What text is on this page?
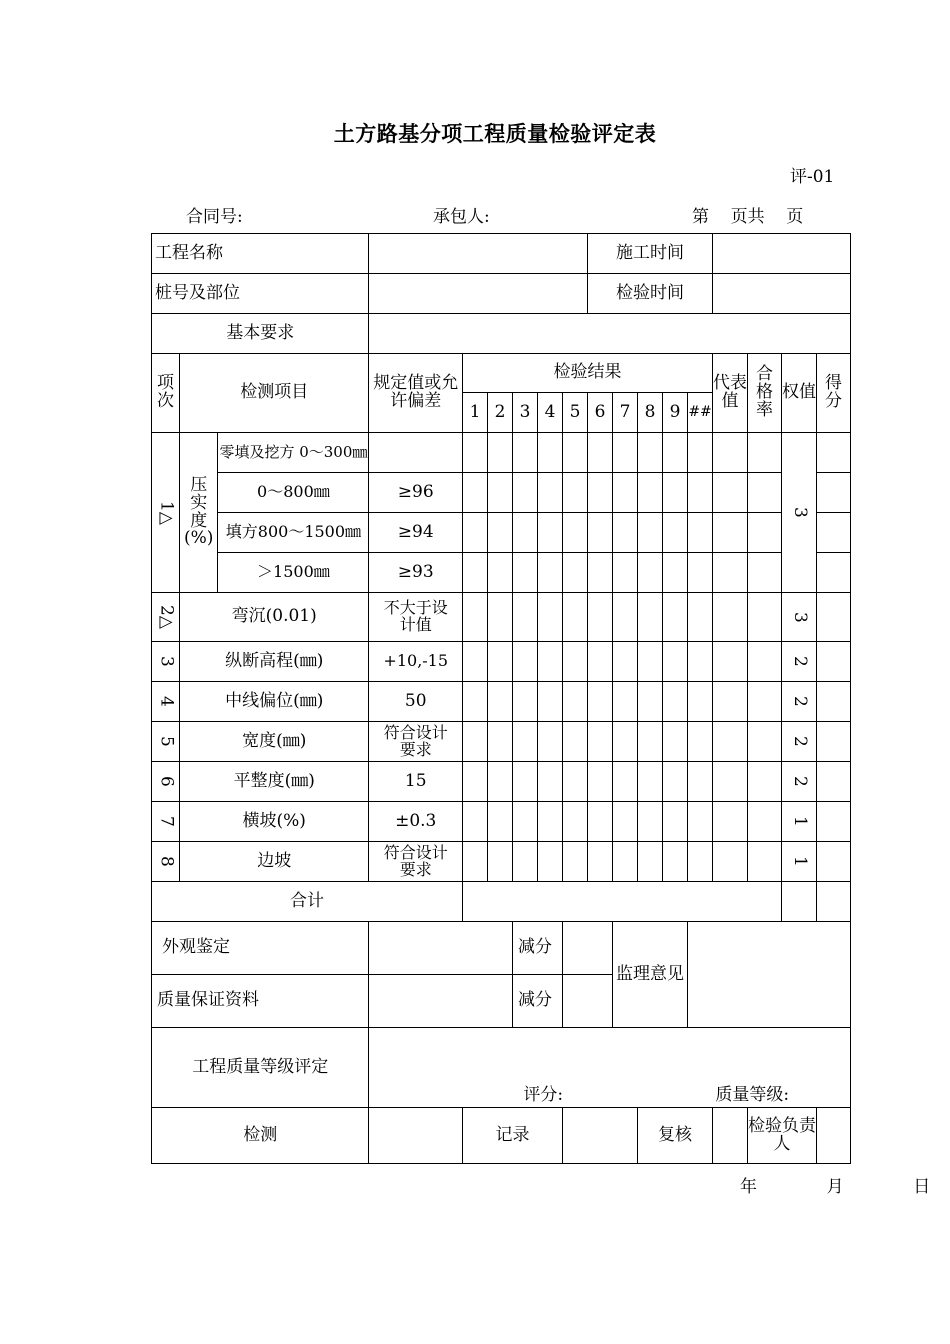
土方路基分项工程质量检验评定表
评-01
合同号:	承包人:	第    页共    页
工程名称									施工时间								
桩号及部位									检验时间								
基本要求																	
项次	检测项目		规定值或允许偏差	检验结果										代表值	合格率	权值	得分
				1	2	3	4	5	6	7	8	9	##				
1△	压实度(%)	零填及挖方 0～300㎜														3	
		0～800㎜	≥96														
		填方800～1500㎜	≥94														
		＞1500㎜	≥93														
2△	弯沉(0.01)		不大于设计值													3	
3	纵断高程(㎜)		+10,-15													2	
4	中线偏位(㎜)		50													2	
5	宽度(㎜)		符合设计要求													2	
6	平整度(㎜)		15													2	
7	横坡(%)		±0.3													1	
8	边坡		符合设计要求													1	
合计																	
外观鉴定						减分				监理意见							
质量保证资料						减分											
工程质量等级评定			评分: 质量等级:														

检测				记录							复核				检验负责人		
年    月    日
